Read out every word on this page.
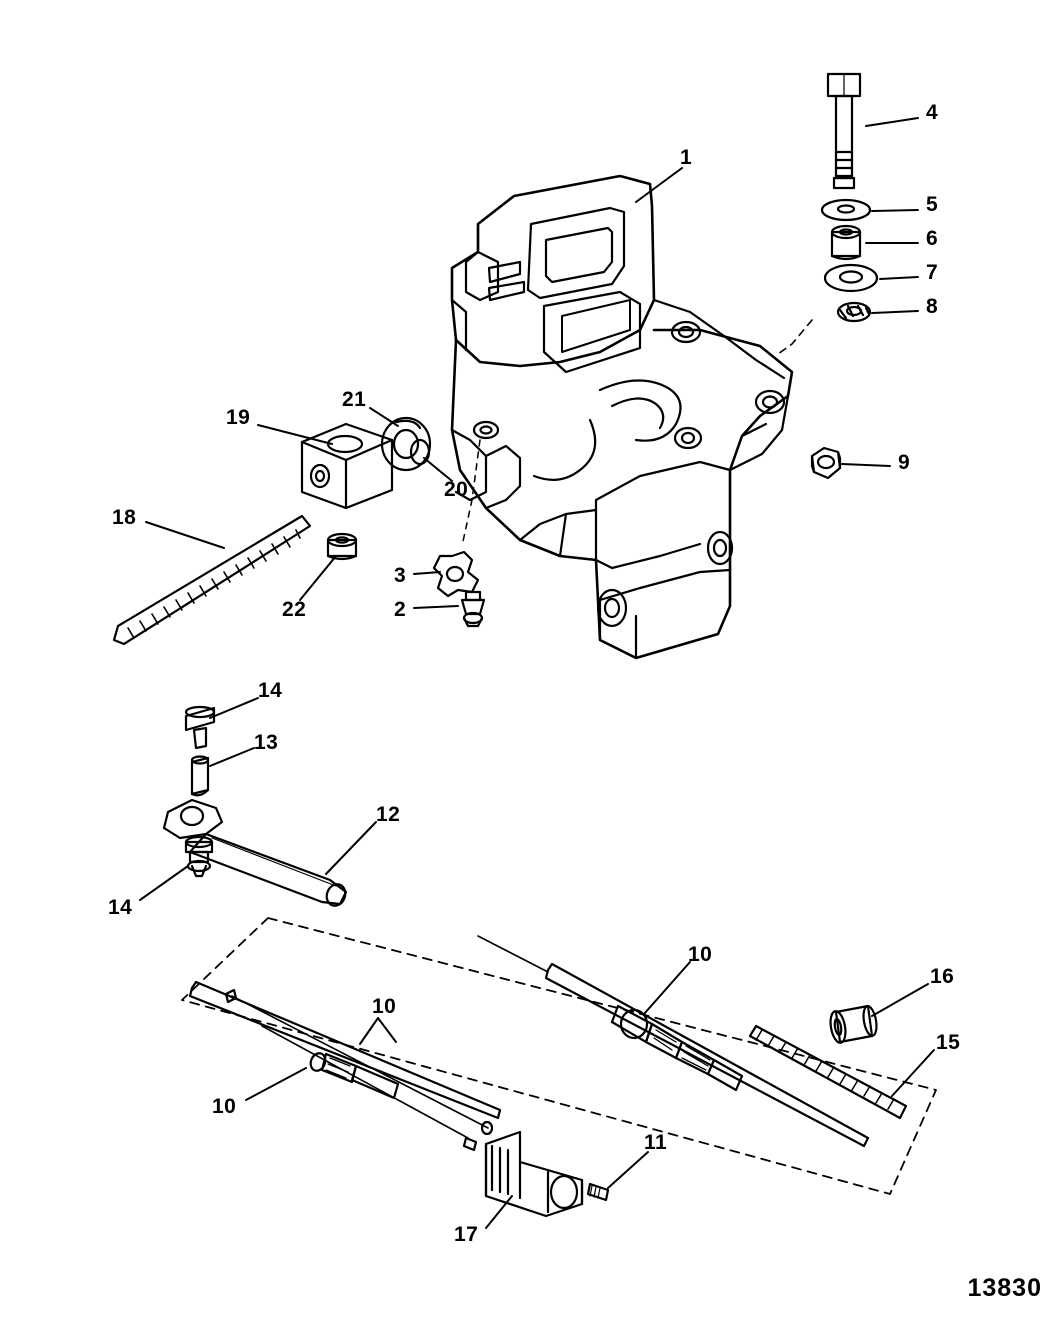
1
4
5
6
7
8
9
21
19
20
18
22
3
2
14
13
12
14
10
16
15
10
10
11
17
13830
